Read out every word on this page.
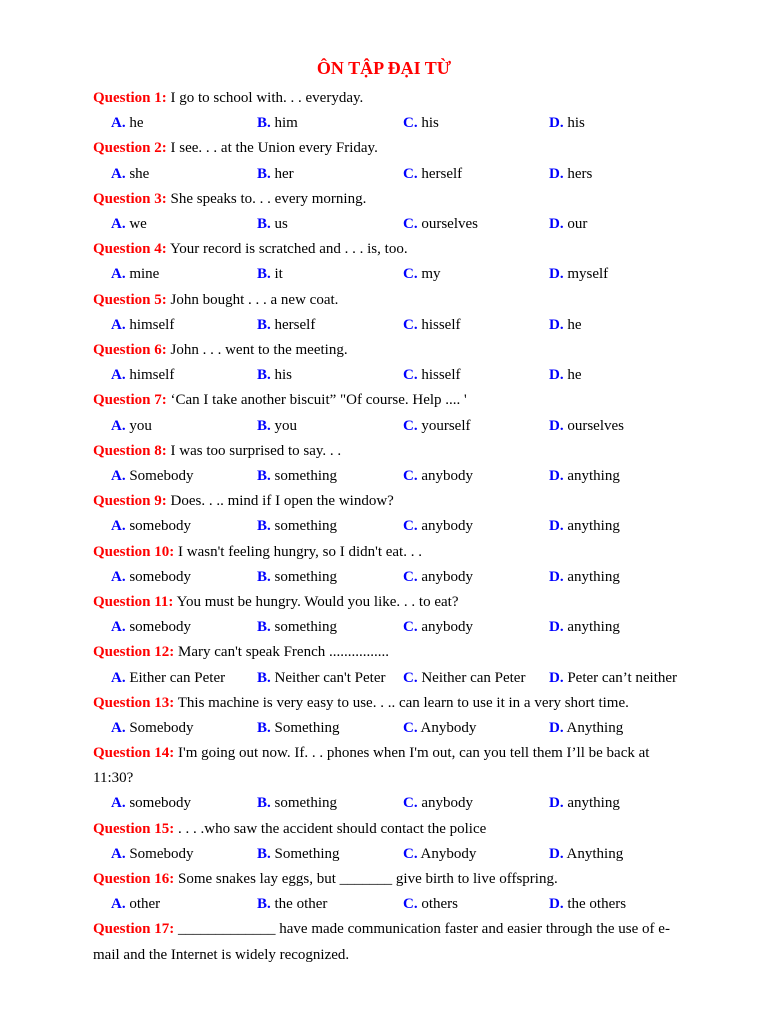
ÔN TẬP ĐẠI TỪ
Question 1: I go to school with. . . everyday.
A. he	B. him	C. his	D. his
Question 2: I see. . . at the Union every Friday.
A. she	B. her	C. herself	D. hers
Question 3: She speaks to. . . every morning.
A. we	B. us	C. ourselves	D. our
Question 4: Your record is scratched and . . . is, too.
A. mine	B. it	C. my	D. myself
Question 5: John bought . . . a new coat.
A. himself	B. herself	C. hisself	D. he
Question 6: John . . . went to the meeting.
A. himself	B. his	C. hisself	D. he
Question 7: ‘Can I take another biscuit” "Of course. Help .... '
A. you	B. you	C. yourself	D. ourselves
Question 8: I was too surprised to say. . .
A. Somebody	B. something	C. anybody	D. anything
Question 9: Does. . .. mind if I open the window?
A. somebody	B. something	C. anybody	D. anything
Question 10: I wasn't feeling hungry, so I didn't eat. . .
A. somebody	B. something	C. anybody	D. anything
Question 11: You must be hungry. Would you like. . . to eat?
A. somebody	B. something	C. anybody	D. anything
Question 12: Mary can't speak French ................
A. Either can Peter B. Neither can't Peter C. Neither can Peter D. Peter can’t neither
Question 13: This machine is very easy to use. . .. can learn to use it in a very short time.
A. Somebody	B. Something	C. Anybody	D. Anything
Question 14: I'm going out now. If. . . phones when I'm out, can you tell them I’ll be back at 11:30?
A. somebody	B. something	C. anybody	D. anything
Question 15: . . . .who saw the accident should contact the police
A. Somebody	B. Something	C. Anybody	D. Anything
Question 16: Some snakes lay eggs, but _______ give birth to live offspring.
A. other	B. the other	C. others	D. the others
Question 17: _____________ have made communication faster and easier through the use of e-mail and the Internet is widely recognized.
